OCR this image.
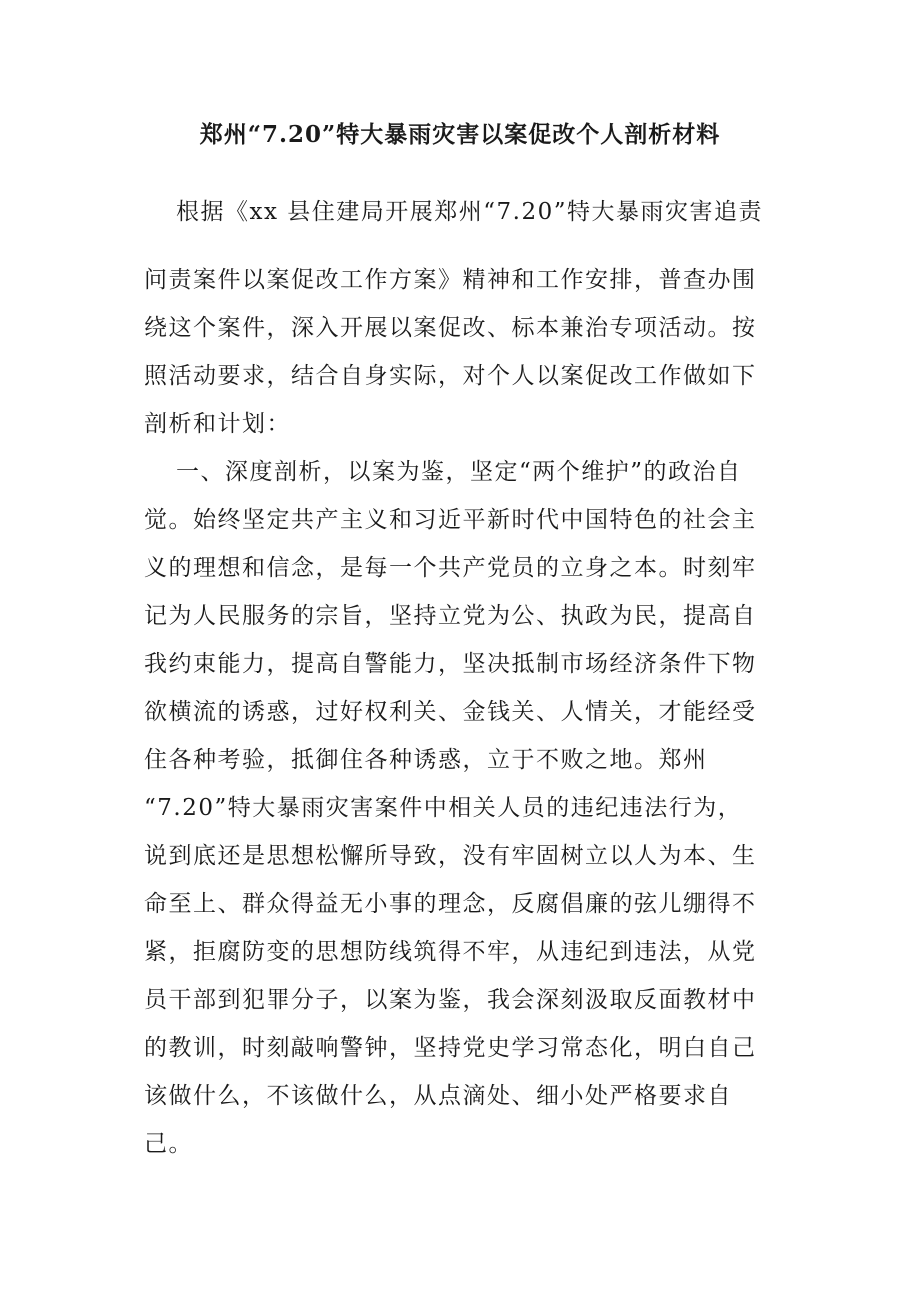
郑州“7.20”特大暴雨灾害以案促改个人剖析材料
根据《xx 县住建局开展郑州“7.20”特大暴雨灾害追责
问责案件以案促改工作方案》精神和工作安排，普查办围
绕这个案件，深入开展以案促改、标本兼治专项活动。按
照活动要求，结合自身实际，对个人以案促改工作做如下
剖析和计划：
一、深度剖析，以案为鉴，坚定“两个维护”的政治自
觉。始终坚定共产主义和习近平新时代中国特色的社会主
义的理想和信念，是每一个共产党员的立身之本。时刻牢
记为人民服务的宗旨，坚持立党为公、执政为民，提高自
我约束能力，提高自警能力，坚决抵制市场经济条件下物
欲横流的诱惑，过好权利关、金钱关、人情关，才能经受
住各种考验，抵御住各种诱惑，立于不败之地。郑州
“7.20”特大暴雨灾害案件中相关人员的违纪违法行为，
说到底还是思想松懈所导致，没有牢固树立以人为本、生
命至上、群众得益无小事的理念，反腐倡廉的弦儿绷得不
紧，拒腐防变的思想防线筑得不牢，从违纪到违法，从党
员干部到犯罪分子，以案为鉴，我会深刻汲取反面教材中
的教训，时刻敲响警钟，坚持党史学习常态化，明白自己
该做什么，不该做什么，从点滴处、细小处严格要求自
己。
